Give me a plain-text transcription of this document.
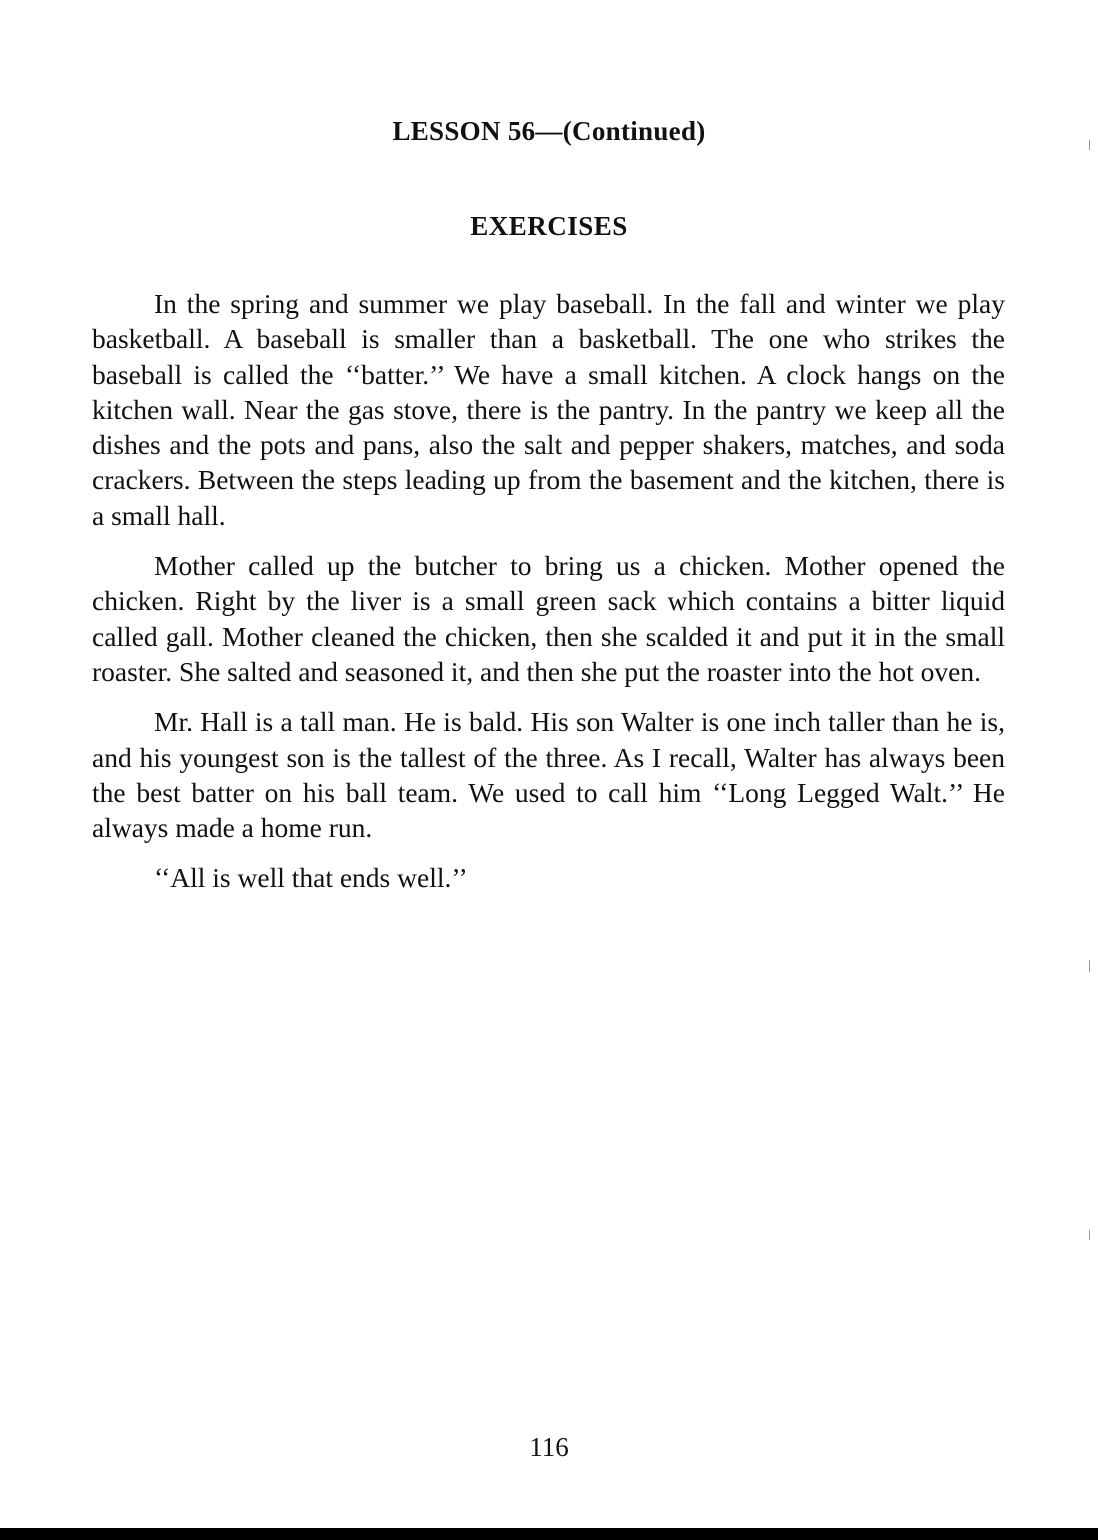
LESSON 56—(Continued)
EXERCISES

In the spring and summer we play baseball. In the fall and winter we play basketball. A baseball is smaller than a basketball. The one who strikes the baseball is called the ‘‘batter.’’ We have a small kitchen. A clock hangs on the kitchen wall. Near the gas stove, there is the pantry. In the pantry we keep all the dishes and the pots and pans, also the salt and pepper shakers, matches, and soda crackers. Between the steps leading up from the basement and the kitchen, there is a small hall.

Mother called up the butcher to bring us a chicken. Mother opened the chicken. Right by the liver is a small green sack which contains a bitter liquid called gall. Mother cleaned the chicken, then she scalded it and put it in the small roaster. She salted and seasoned it, and then she put the roaster into the hot oven.

Mr. Hall is a tall man. He is bald. His son Walter is one inch taller than he is, and his youngest son is the tallest of the three. As I recall, Walter has always been the best batter on his ball team. We used to call him ‘‘Long Legged Walt.’’ He always made a home run.

‘‘All is well that ends well.’’

116
